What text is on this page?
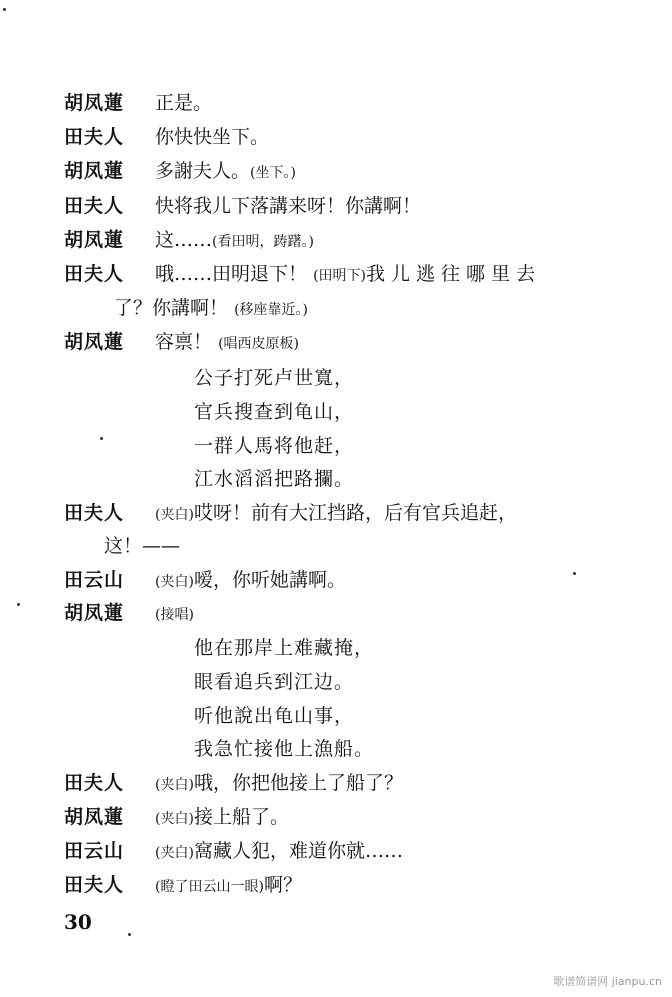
胡凤蓮	正是。
田夫人	你快快坐下。
胡凤蓮	多謝夫人。(坐下。)
田夫人	快将我儿下落講来呀！你講啊！
胡凤蓮	这……(看田明，踌躇。)
田夫人	哦……田明退下！ (田明下)我儿逃往哪里去
了？你講啊！ (移座靠近。)
胡凤蓮	容禀！ (唱西皮原板)
公子打死卢世寬，
官兵搜查到龟山，
一群人馬将他赶，
江水滔滔把路攔。
田夫人	(夹白)哎呀！前有大江挡路，后有官兵追赶，
这！——
田云山	(夹白)嗳，你听她講啊。
胡凤蓮	(接唱)
他在那岸上难藏掩，
眼看追兵到江边。
听他說出龟山事，
我急忙接他上漁船。
田夫人	(夹白)哦，你把他接上了船了？
胡凤蓮	(夹白)接上船了。
田云山	(夹白)窩藏人犯，难道你就……
田夫人	(瞪了田云山一眼)啊？
30
歌谱简谱网 jianpu.cn
